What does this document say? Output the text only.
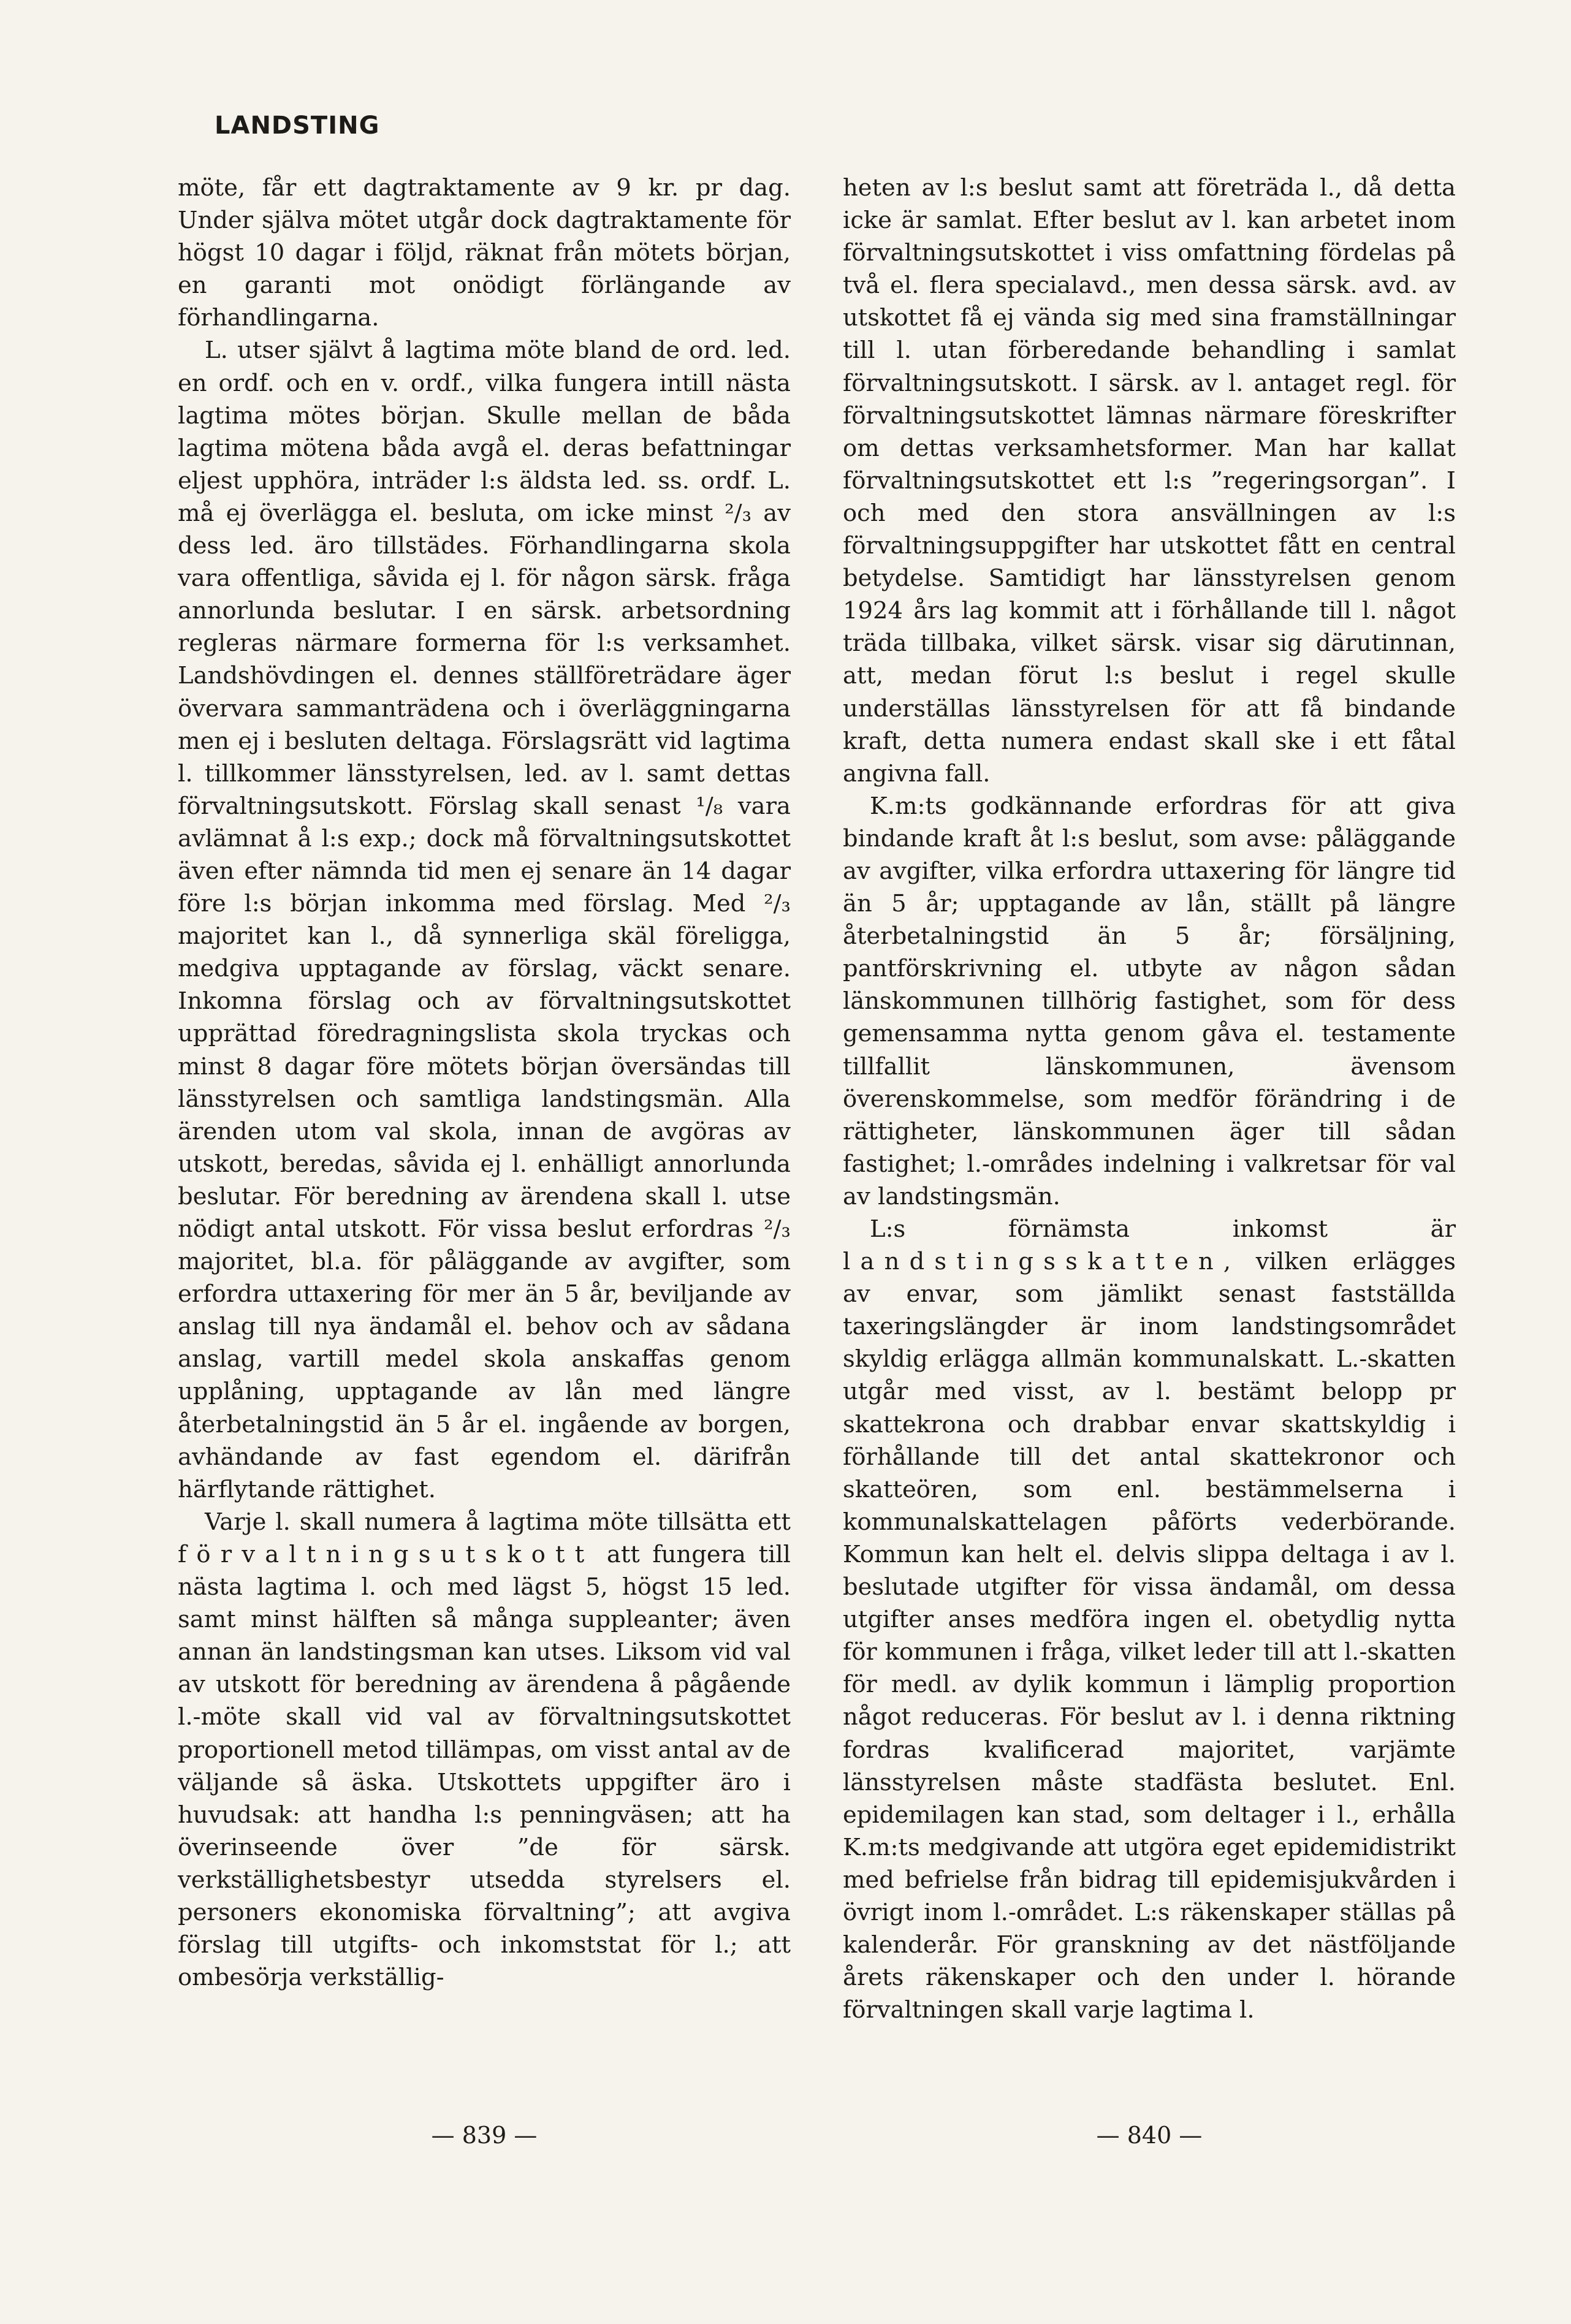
LANDSTING

möte, får ett dagtraktamente av 9 kr. pr dag. Under själva mötet utgår dock dagtraktamente för högst 10 dagar i följd, räknat från mötets början, en garanti mot onödigt förlängande av förhandlingarna.

L. utser självt å lagtima möte bland de ord. led. en ordf. och en v. ordf., vilka fungera intill nästa lagtima mötes början. Skulle mellan de båda lagtima mötena båda avgå el. deras befattningar eljest upphöra, inträder l:s äldsta led. ss. ordf. L. må ej överlägga el. besluta, om icke minst ²/₃ av dess led. äro tillstädes. Förhandlingarna skola vara offentliga, såvida ej l. för någon särsk. fråga annorlunda beslutar. I en särsk. arbetsordning regleras närmare formerna för l:s verksamhet. Landshövdingen el. dennes ställföreträdare äger övervara sammanträdena och i överläggningarna men ej i besluten deltaga. Förslagsrätt vid lagtima l. tillkommer länsstyrelsen, led. av l. samt dettas förvaltningsutskott. Förslag skall senast ¹/₈ vara avlämnat å l:s exp.; dock må förvaltningsutskottet även efter nämnda tid men ej senare än 14 dagar före l:s början inkomma med förslag. Med ²/₃ majoritet kan l., då synnerliga skäl föreligga, medgiva upptagande av förslag, väckt senare. Inkomna förslag och av förvaltningsutskottet upprättad föredragningslista skola tryckas och minst 8 dagar före mötets början översändas till länsstyrelsen och samtliga landstingsmän. Alla ärenden utom val skola, innan de avgöras av utskott, beredas, såvida ej l. enhälligt annorlunda beslutar. För beredning av ärendena skall l. utse nödigt antal utskott. För vissa beslut erfordras ²/₃ majoritet, bl.a. för påläggande av avgifter, som erfordra uttaxering för mer än 5 år, beviljande av anslag till nya ändamål el. behov och av sådana anslag, vartill medel skola anskaffas genom upplåning, upptagande av lån med längre återbetalningstid än 5 år el. ingående av borgen, avhändande av fast egendom el. därifrån härflytande rättighet.

Varje l. skall numera å lagtima möte tillsätta ett förvaltningsutskott att fungera till nästa lagtima l. och med lägst 5, högst 15 led. samt minst hälften så många suppleanter; även annan än landstingsman kan utses. Liksom vid val av utskott för beredning av ärendena å pågående l.-möte skall vid val av förvaltningsutskottet proportionell metod tillämpas, om visst antal av de väljande så äska. Utskottets uppgifter äro i huvudsak: att handha l:s penningväsen; att ha överinseende över ”de för särsk. verkställighetsbestyr utsedda styrelsers el. personers ekonomiska förvaltning”; att avgiva förslag till utgifts- och inkomststat för l.; att ombesörja verkställig-

heten av l:s beslut samt att företräda l., då detta icke är samlat. Efter beslut av l. kan arbetet inom förvaltningsutskottet i viss omfattning fördelas på två el. flera specialavd., men dessa särsk. avd. av utskottet få ej vända sig med sina framställningar till l. utan förberedande behandling i samlat förvaltningsutskott. I särsk. av l. antaget regl. för förvaltningsutskottet lämnas närmare föreskrifter om dettas verksamhetsformer. Man har kallat förvaltningsutskottet ett l:s ”regeringsorgan”. I och med den stora ansvällningen av l:s förvaltningsuppgifter har utskottet fått en central betydelse. Samtidigt har länsstyrelsen genom 1924 års lag kommit att i förhållande till l. något träda tillbaka, vilket särsk. visar sig därutinnan, att, medan förut l:s beslut i regel skulle underställas länsstyrelsen för att få bindande kraft, detta numera endast skall ske i ett fåtal angivna fall.

K.m:ts godkännande erfordras för att giva bindande kraft åt l:s beslut, som avse: påläggande av avgifter, vilka erfordra uttaxering för längre tid än 5 år; upptagande av lån, ställt på längre återbetalningstid än 5 år; försäljning, pantförskrivning el. utbyte av någon sådan länskommunen tillhörig fastighet, som för dess gemensamma nytta genom gåva el. testamente tillfallit länskommunen, ävensom överenskommelse, som medför förändring i de rättigheter, länskommunen äger till sådan fastighet; l.-områdes indelning i valkretsar för val av landstingsmän.

L:s förnämsta inkomst är landstingsskatten, vilken erlägges av envar, som jämlikt senast fastställda taxeringslängder är inom landstingsområdet skyldig erlägga allmän kommunalskatt. L.-skatten utgår med visst, av l. bestämt belopp pr skattekrona och drabbar envar skattskyldig i förhållande till det antal skattekronor och skatteören, som enl. bestämmelserna i kommunalskattelagen påförts vederbörande. Kommun kan helt el. delvis slippa deltaga i av l. beslutade utgifter för vissa ändamål, om dessa utgifter anses medföra ingen el. obetydlig nytta för kommunen i fråga, vilket leder till att l.-skatten för medl. av dylik kommun i lämplig proportion något reduceras. För beslut av l. i denna riktning fordras kvalificerad majoritet, varjämte länsstyrelsen måste stadfästa beslutet. Enl. epidemilagen kan stad, som deltager i l., erhålla K.m:ts medgivande att utgöra eget epidemidistrikt med befrielse från bidrag till epidemisjukvården i övrigt inom l.-området. L:s räkenskaper ställas på kalenderår. För granskning av det nästföljande årets räkenskaper och den under l. hörande förvaltningen skall varje lagtima l.

— 839 —	— 840 —
